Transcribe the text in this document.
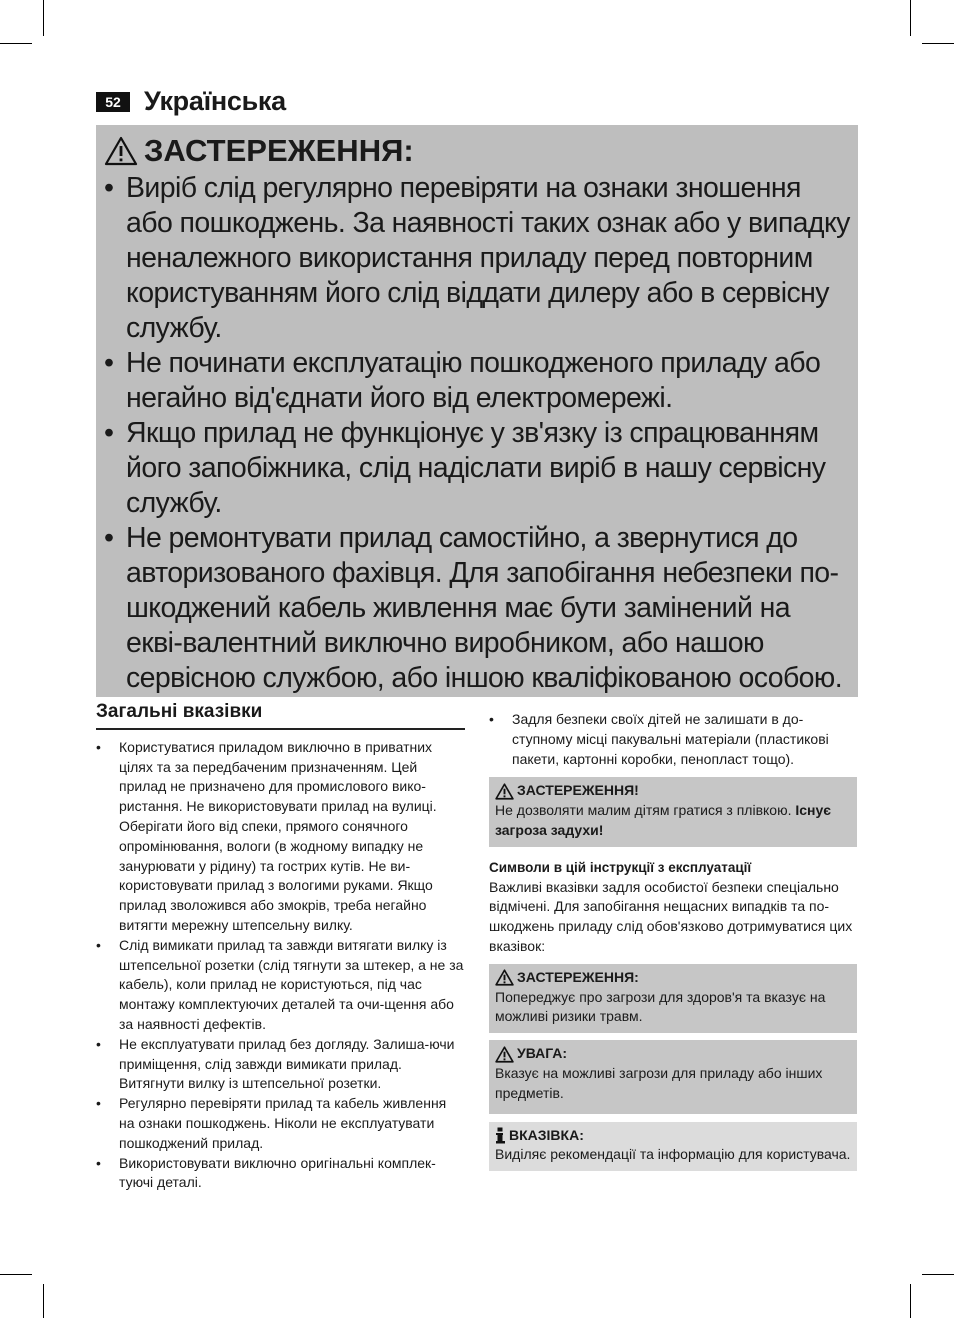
52 Українська
ЗАСТЕРЕЖЕННЯ:
• Виріб слід регулярно перевіряти на ознаки зношення або пошкоджень. За наявності таких ознак або у випадку неналежного використання приладу перед повторним користуванням його слід віддати дилеру або в сервісну службу.
• Не починати експлуатацію пошкодженого приладу або негайно від'єднати його від електромережі.
• Якщо прилад не функціонує у зв'язку із спрацюванням його запобіжника, слід надіслати виріб в нашу сервісну службу.
• Не ремонтувати прилад самостійно, а звернутися до авторизованого фахівця. Для запобігання небезпеки по-шкоджений кабель живлення має бути замінений на екві-валентний виключно виробником, або нашою сервісною службою, або іншою кваліфікованою особою.
Загальні вказівки
• Користуватися приладом виключно в приватних цілях та за передбаченим призначенням. Цей прилад не призначено для промислового вико-ристання. Не використовувати прилад на вулиці. Оберігати його від спеки, прямого сонячного опромінювання, вологи (в жодному випадку не занурювати у рідину) та гострих кутів. Не ви-користовувати прилад з вологими руками. Якщо прилад зволожився або змокрів, треба негайно витягти мережну штепсельну вилку.
• Слід вимикати прилад та завжди витягати вилку із штепсельної розетки (слід тягнути за штекер, а не за кабель), коли прилад не користуються, під час монтажу комплектуючих деталей та очи-щення або за наявності дефектів.
• Не експлуатувати прилад без догляду. Залиша-ючи приміщення, слід завжди вимикати прилад. Витягнути вилку із штепсельної розетки.
• Регулярно перевіряти прилад та кабель живлення на ознаки пошкоджень. Ніколи не експлуатувати пошкоджений прилад.
• Використовувати виключно оригінальні комплек-туючі деталі.
• Задля безпеки своїх дітей не залишати в до-ступному місці пакувальні матеріали (пластикові пакети, картонні коробки, пенопласт тощо).
ЗАСТЕРЕЖЕННЯ!
Не дозволяти малим дітям гратися з плівкою. Існує загроза задухи!
Символи в цій інструкції з експлуатації
Важливі вказівки задля особистої безпеки спеціально відмічені. Для запобігання нещасних випадків та по-шкоджень приладу слід обов'язково дотримуватися цих вказівок:
ЗАСТЕРЕЖЕННЯ:
Попереджує про загрози для здоров'я та вказує на можливі ризики травм.
УВАГА:
Вказує на можливі загрози для приладу або інших предметів.
ВКАЗІВКА:
Виділяє рекомендації та інформацію для користувача.
